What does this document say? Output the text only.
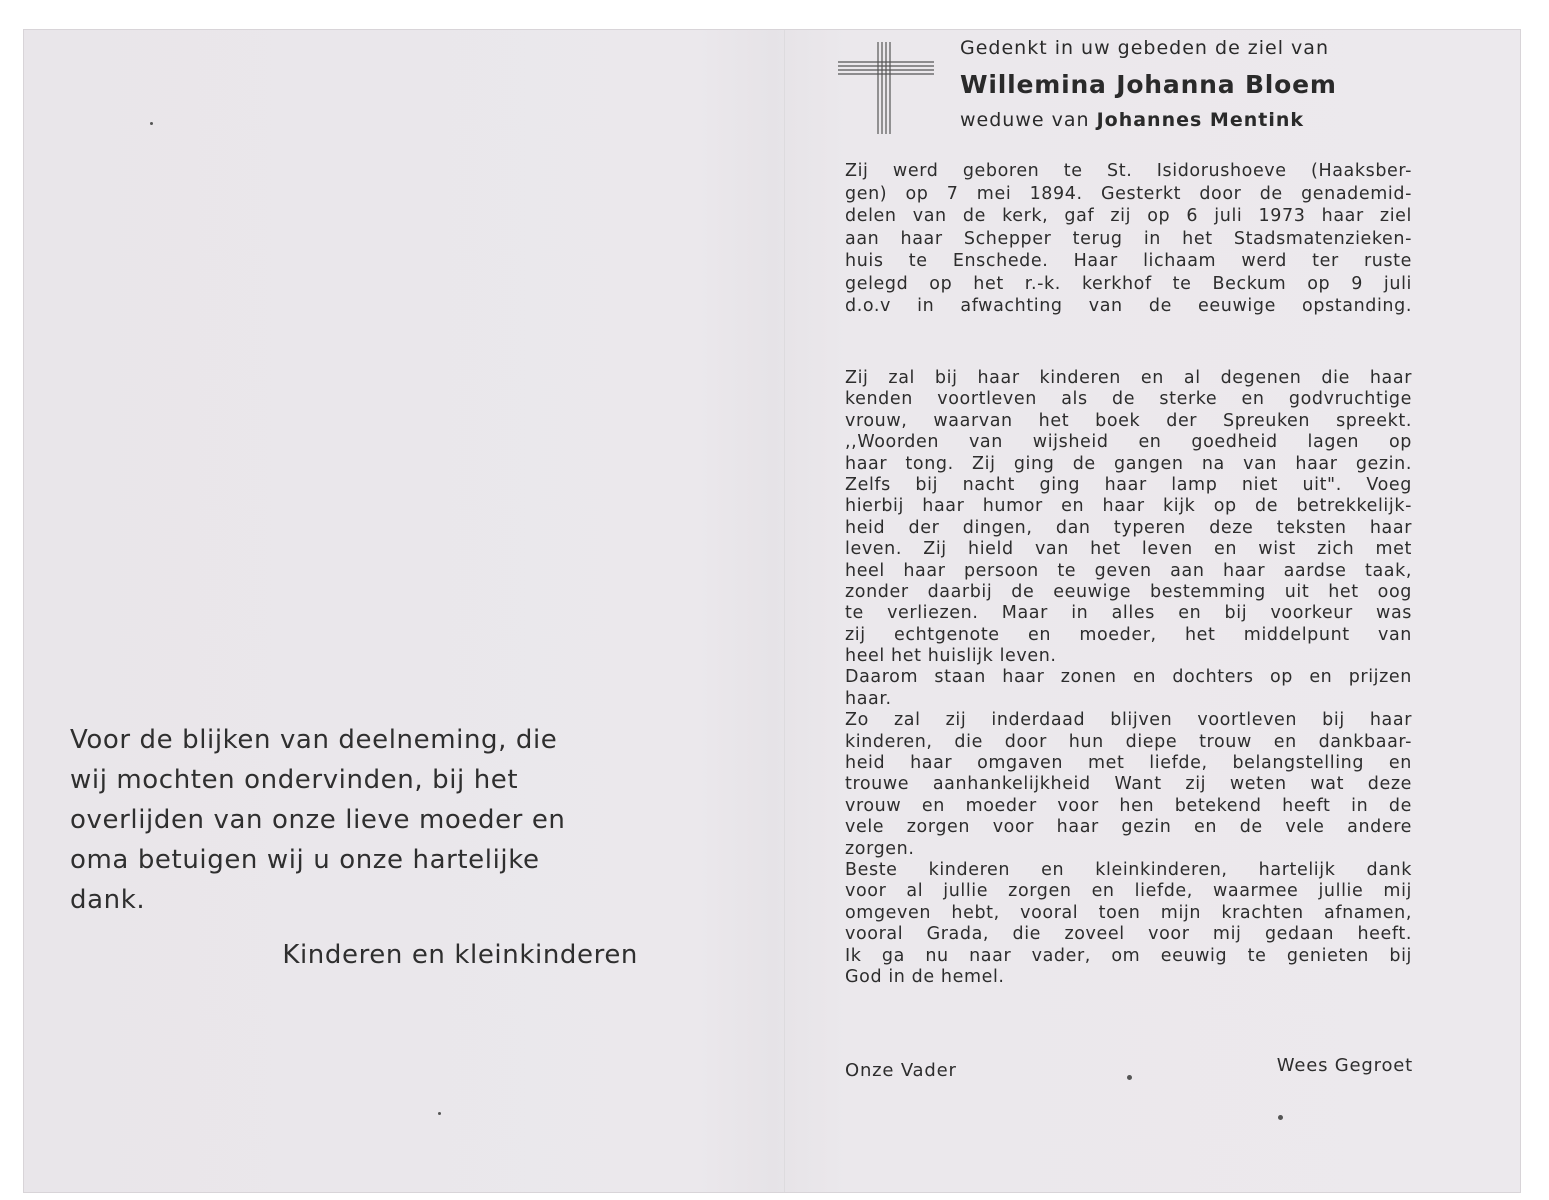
Voor de blijken van deelneming, die
wij mochten ondervinden, bij het
overlijden van onze lieve moeder en
oma betuigen wij u onze hartelijke
dank.
Kinderen en kleinkinderen

Gedenkt in uw gebeden de ziel van

Willemina Johanna Bloem

weduwe van Johannes Mentink

Zij werd geboren te St. Isidorushoeve (Haaksber-
gen) op 7 mei 1894. Gesterkt door de genademid-
delen van de kerk, gaf zij op 6 juli 1973 haar ziel
aan haar Schepper terug in het Stadsmatenzieken-
huis te Enschede. Haar lichaam werd ter ruste
gelegd op het r.-k. kerkhof te Beckum op 9 juli
d.o.v in afwachting van de eeuwige opstanding.
Zij zal bij haar kinderen en al degenen die haar
kenden voortleven als de sterke en godvruchtige
vrouw, waarvan het boek der Spreuken spreekt.
,,Woorden van wijsheid en goedheid lagen op
haar tong. Zij ging de gangen na van haar gezin.
Zelfs bij nacht ging haar lamp niet uit". Voeg
hierbij haar humor en haar kijk op de betrekkelijk-
heid der dingen, dan typeren deze teksten haar
leven. Zij hield van het leven en wist zich met
heel haar persoon te geven aan haar aardse taak,
zonder daarbij de eeuwige bestemming uit het oog
te verliezen. Maar in alles en bij voorkeur was
zij echtgenote en moeder, het middelpunt van
heel het huislijk leven.
Daarom staan haar zonen en dochters op en prijzen
haar.
Zo zal zij inderdaad blijven voortleven bij haar
kinderen, die door hun diepe trouw en dankbaar-
heid haar omgaven met liefde, belangstelling en
trouwe aanhankelijkheid Want zij weten wat deze
vrouw en moeder voor hen betekend heeft in de
vele zorgen voor haar gezin en de vele andere
zorgen.
Beste kinderen en kleinkinderen, hartelijk dank
voor al jullie zorgen en liefde, waarmee jullie mij
omgeven hebt, vooral toen mijn krachten afnamen,
vooral Grada, die zoveel voor mij gedaan heeft.
Ik ga nu naar vader, om eeuwig te genieten bij
God in de hemel.
Onze Vader	Wees Gegroet
